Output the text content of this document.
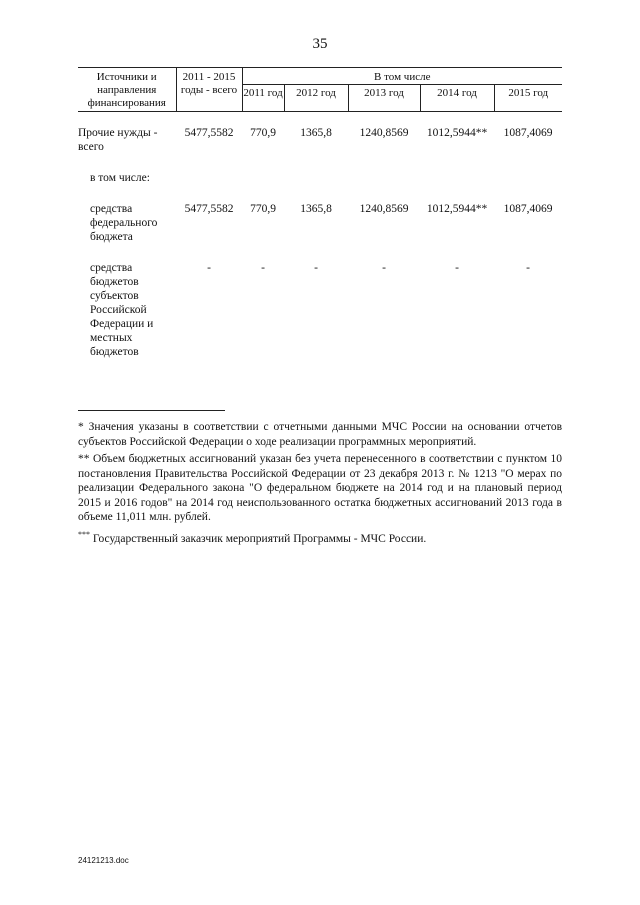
35
Источники и направления финансирования	2011 - 2015 годы - всего	В том числе				
		2011 год	2012 год	2013 год	2014 год	2015 год
Прочие нужды - всего	5477,5582	770,9	1365,8	1240,8569	1012,5944**	1087,4069
в том числе:						
средства федерального бюджета	5477,5582	770,9	1365,8	1240,8569	1012,5944**	1087,4069
средства бюджетов субъектов Российской Федерации и местных бюджетов	-	-	-	-	-	-

* Значения указаны в соответствии с отчетными данными МЧС России на основании отчетов субъектов Российской Федерации о ходе реализации программных мероприятий.

** Объем бюджетных ассигнований указан без учета перенесенного в соответствии с пунктом 10 постановления Правительства Российской Федерации от 23 декабря 2013 г. № 1213 "О мерах по реализации Федерального закона "О федеральном бюджете на 2014 год и на плановый период 2015 и 2016 годов" на 2014 год неиспользованного остатка бюджетных ассигнований 2013 года в объеме 11,011 млн. рублей.

*** Государственный заказчик мероприятий Программы - МЧС России.

24121213.doc
